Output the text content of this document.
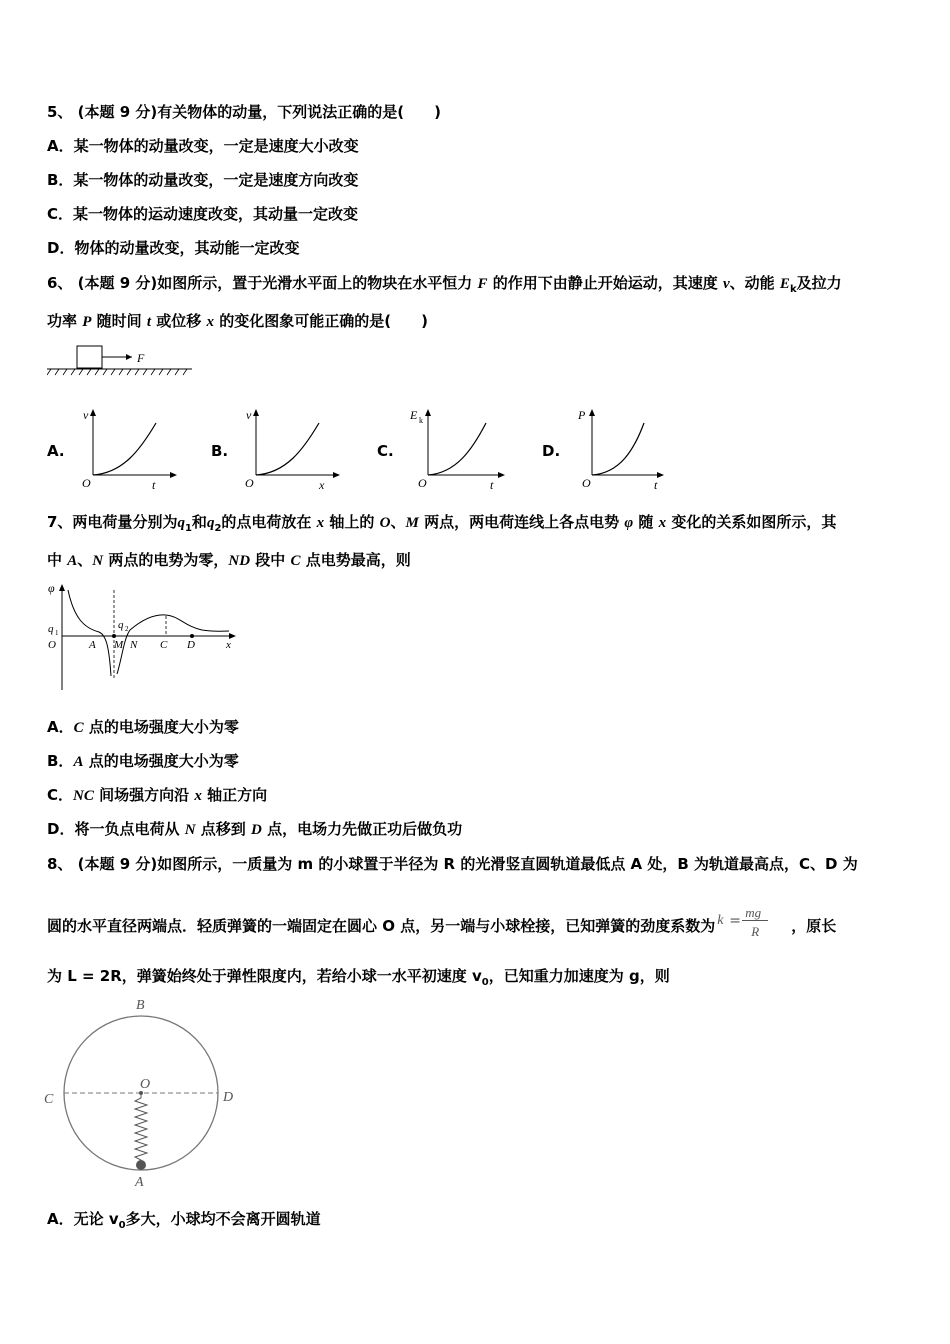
5、 (本题 9 分)有关物体的动量，下列说法正确的是(　　)
A．某一物体的动量改变，一定是速度大小改变
B．某一物体的动量改变，一定是速度方向改变
C．某一物体的运动速度改变，其动量一定改变
D．物体的动量改变，其动能一定改变
6、 (本题 9 分)如图所示，置于光滑水平面上的物块在水平恒力 F 的作用下由静止开始运动，其速度 v、动能 $E_k$及拉力
功率 P 随时间 t 或位移 x 的变化图象可能正确的是(　　)
F
A.
v
O	t
B.
v
O	x
C.
E k
O	t
D.
P
O	t
7、两电荷量分别为$q_1$和$q_2$的点电荷放在 x 轴上的 O、M 两点，两电荷连线上各点电势 φ 随 x 变化的关系如图所示，其
中 A、N 两点的电势为零，ND 段中 C 点电势最高，则
φ
q 1
O
q 2
A M N C D	x
A．C 点的电场强度大小为零
B．A 点的电场强度大小为零
C．NC 间场强方向沿 x 轴正方向
D．将一负点电荷从 N 点移到 D 点，电场力先做正功后做负功
8、 (本题 9 分)如图所示，一质量为 m 的小球置于半径为 R 的光滑竖直圆轨道最低点 A 处，B 为轨道最高点，C、D 为
圆的水平直径两端点．轻质弹簧的一端固定在圆心 O 点，另一端与小球栓接，已知弹簧的劲度系数为 k =
mg
R ，原长
为 L = 2R，弹簧始终处于弹性限度内，若给小球一水平初速度 $v_0$，已知重力加速度为 g，则
B
C	D
O
A
A．无论 $v_0$多大，小球均不会离开圆轨道
